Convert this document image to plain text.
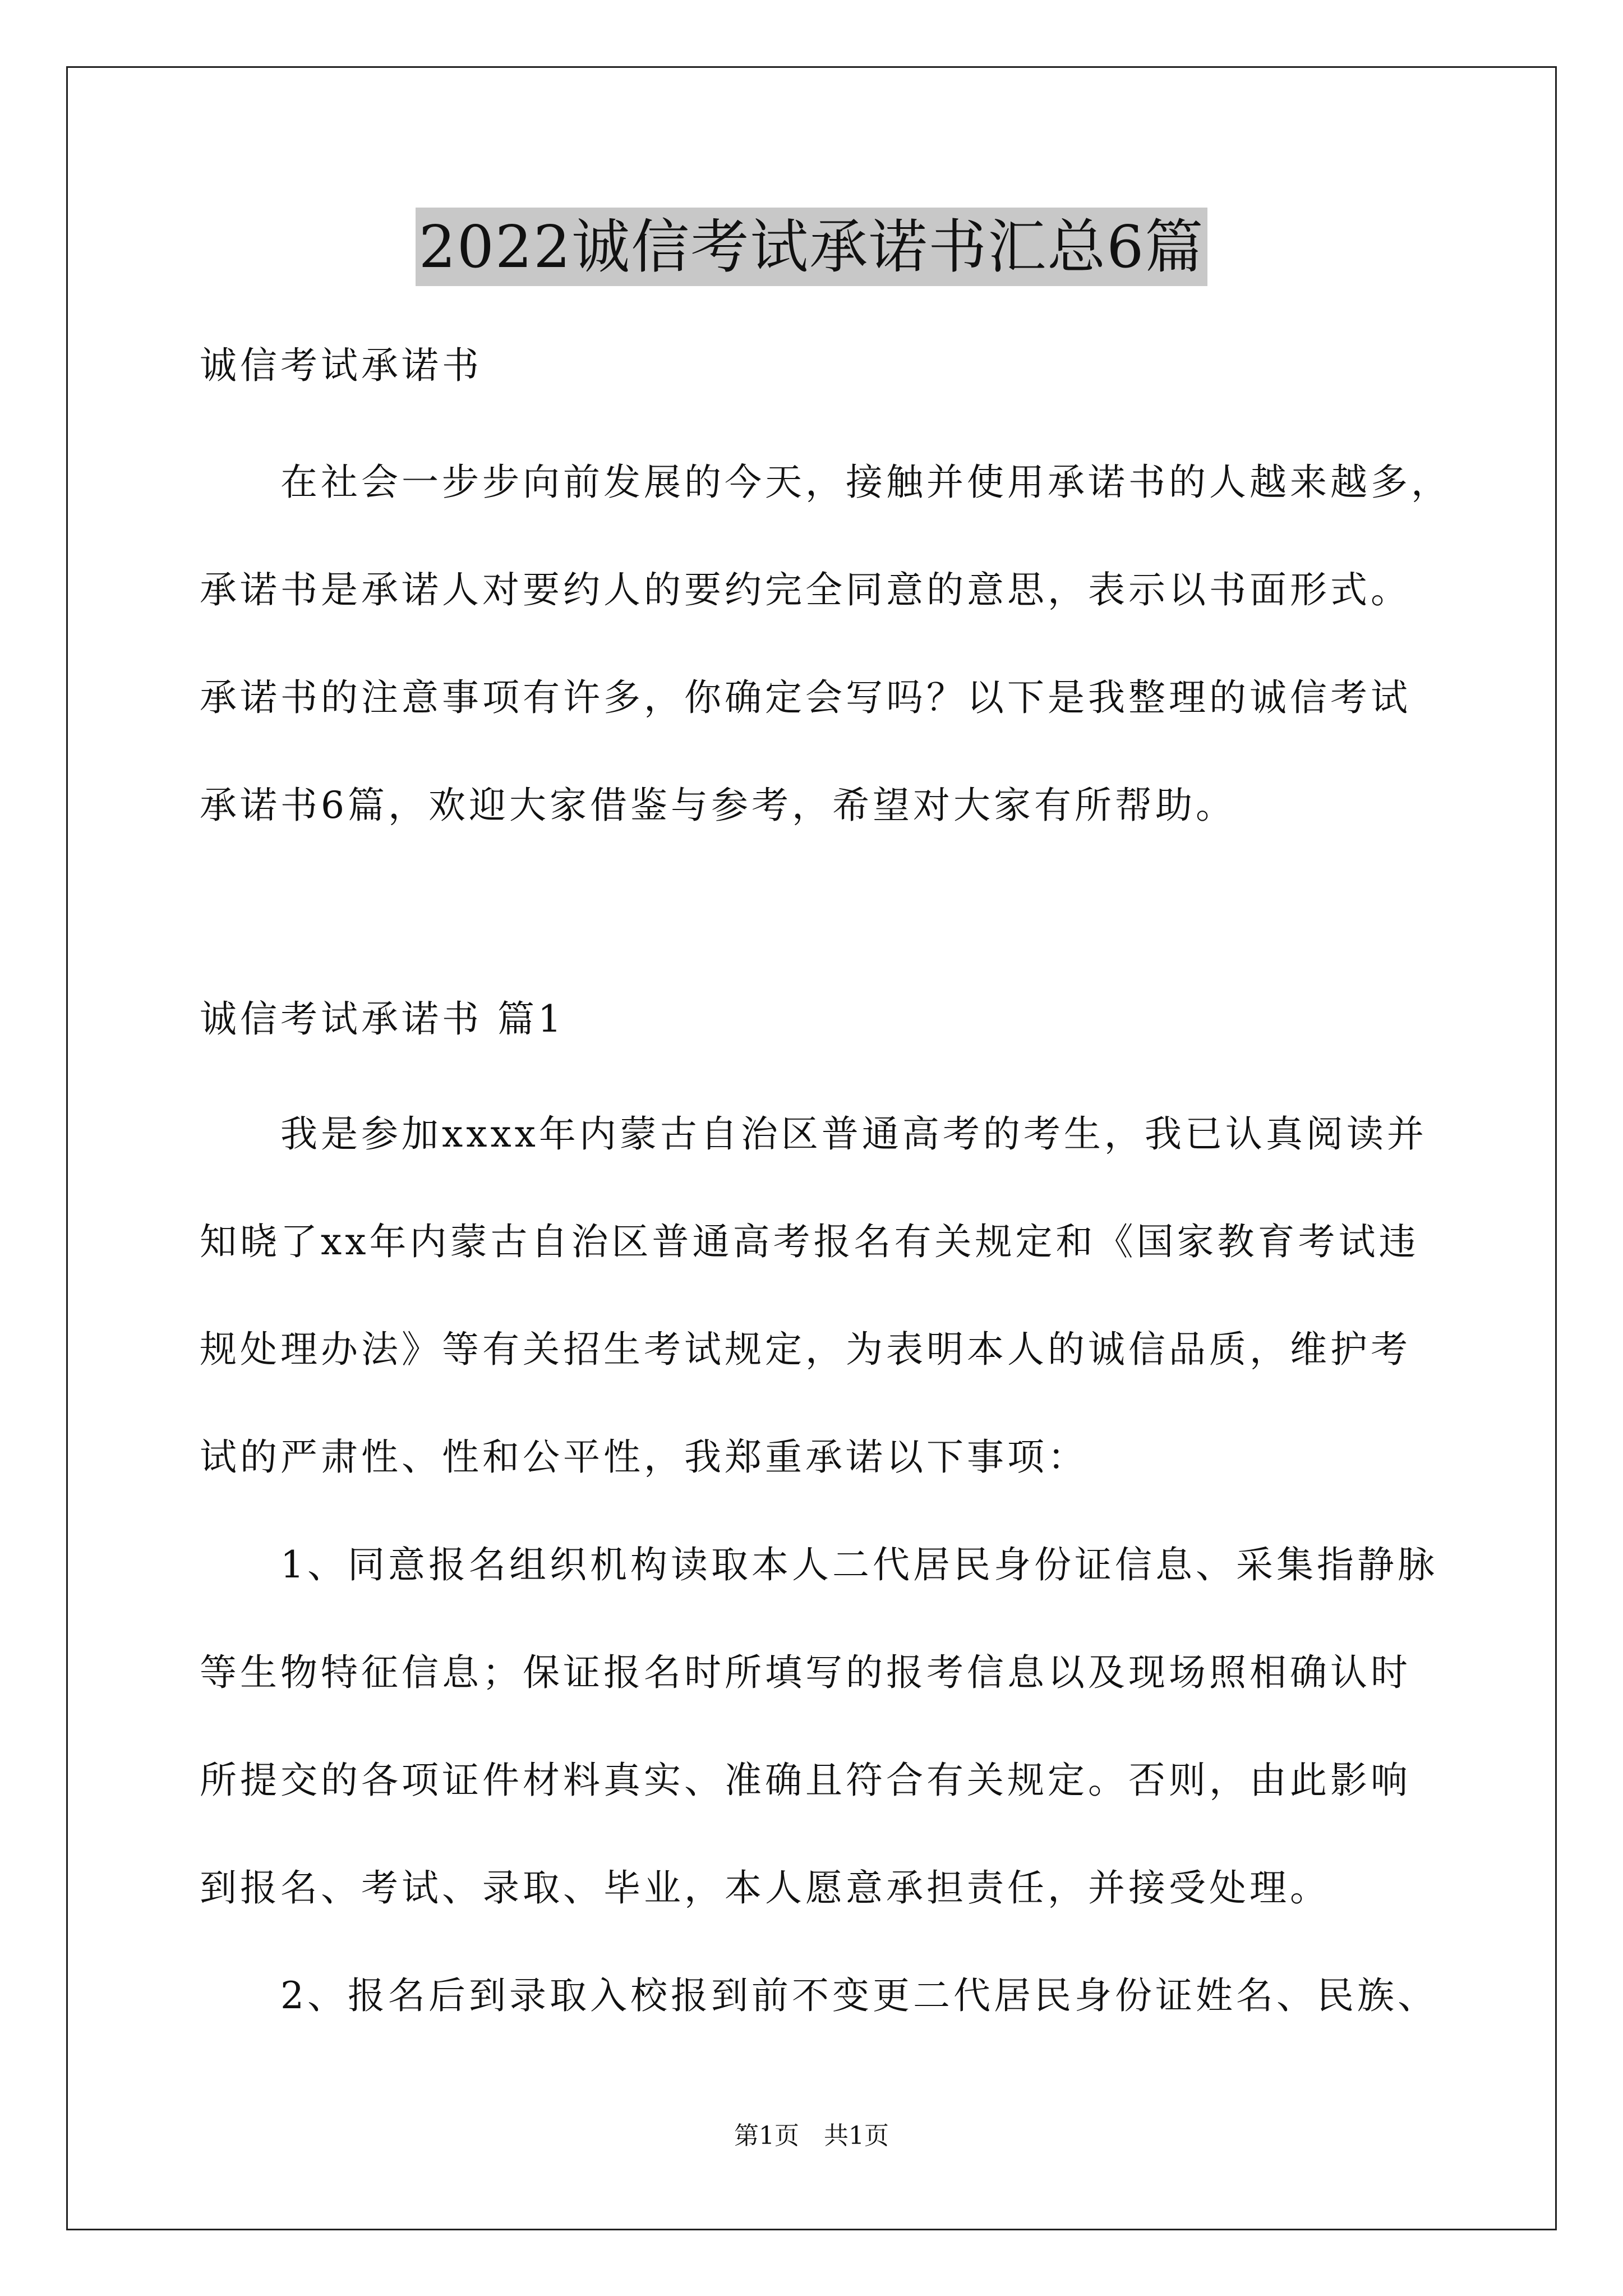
2022诚信考试承诺书汇总6篇
诚信考试承诺书
在社会一步步向前发展的今天，接触并使用承诺书的人越来越多，
承诺书是承诺人对要约人的要约完全同意的意思，表示以书面形式。
承诺书的注意事项有许多，你确定会写吗？以下是我整理的诚信考试
承诺书6篇，欢迎大家借鉴与参考，希望对大家有所帮助。
诚信考试承诺书 篇1
我是参加xxxx年内蒙古自治区普通高考的考生，我已认真阅读并
知晓了xx年内蒙古自治区普通高考报名有关规定和《国家教育考试违
规处理办法》等有关招生考试规定，为表明本人的诚信品质，维护考
试的严肃性、性和公平性，我郑重承诺以下事项：
1、同意报名组织机构读取本人二代居民身份证信息、采集指静脉
等生物特征信息；保证报名时所填写的报考信息以及现场照相确认时
所提交的各项证件材料真实、准确且符合有关规定。否则，由此影响
到报名、考试、录取、毕业，本人愿意承担责任，并接受处理。
2、报名后到录取入校报到前不变更二代居民身份证姓名、民族、
第1页　共1页
